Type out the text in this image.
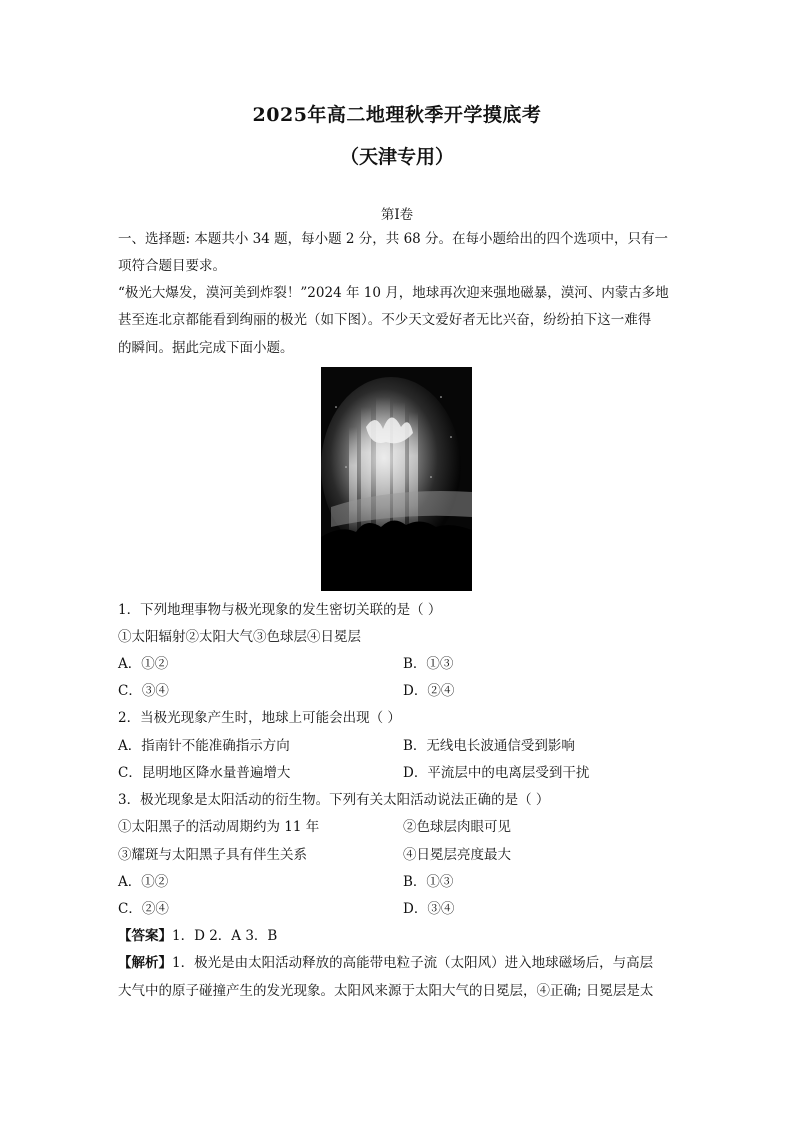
2025年高二地理秋季开学摸底考
（天津专用）
第Ⅰ卷
一、选择题: 本题共小 34 题，每小题 2 分，共 68 分。在每小题给出的四个选项中，只有一
项符合题目要求。
“极光大爆发，漠河美到炸裂！”2024 年 10 月，地球再次迎来强地磁暴，漠河、内蒙古多地
甚至连北京都能看到绚丽的极光（如下图）。不少天文爱好者无比兴奋，纷纷拍下这一难得
的瞬间。据此完成下面小题。
1．下列地理事物与极光现象的发生密切关联的是（ ）
①太阳辐射②太阳大气③色球层④日冕层
A．①②	B．①③
C．③④	D．②④
2．当极光现象产生时，地球上可能会出现（ ）
A．指南针不能准确指示方向	B．无线电长波通信受到影响
C．昆明地区降水量普遍增大	D．平流层中的电离层受到干扰
3．极光现象是太阳活动的衍生物。下列有关太阳活动说法正确的是（ ）
①太阳黑子的活动周期约为 11 年	②色球层肉眼可见
③耀斑与太阳黑子具有伴生关系	④日冕层亮度最大
A．①②	B．①③
C．②④	D．③④
【答案】1．D 2．A 3．B
【解析】1．极光是由太阳活动释放的高能带电粒子流（太阳风）进入地球磁场后，与高层
大气中的原子碰撞产生的发光现象。太阳风来源于太阳大气的日冕层，④正确; 日冕层是太
